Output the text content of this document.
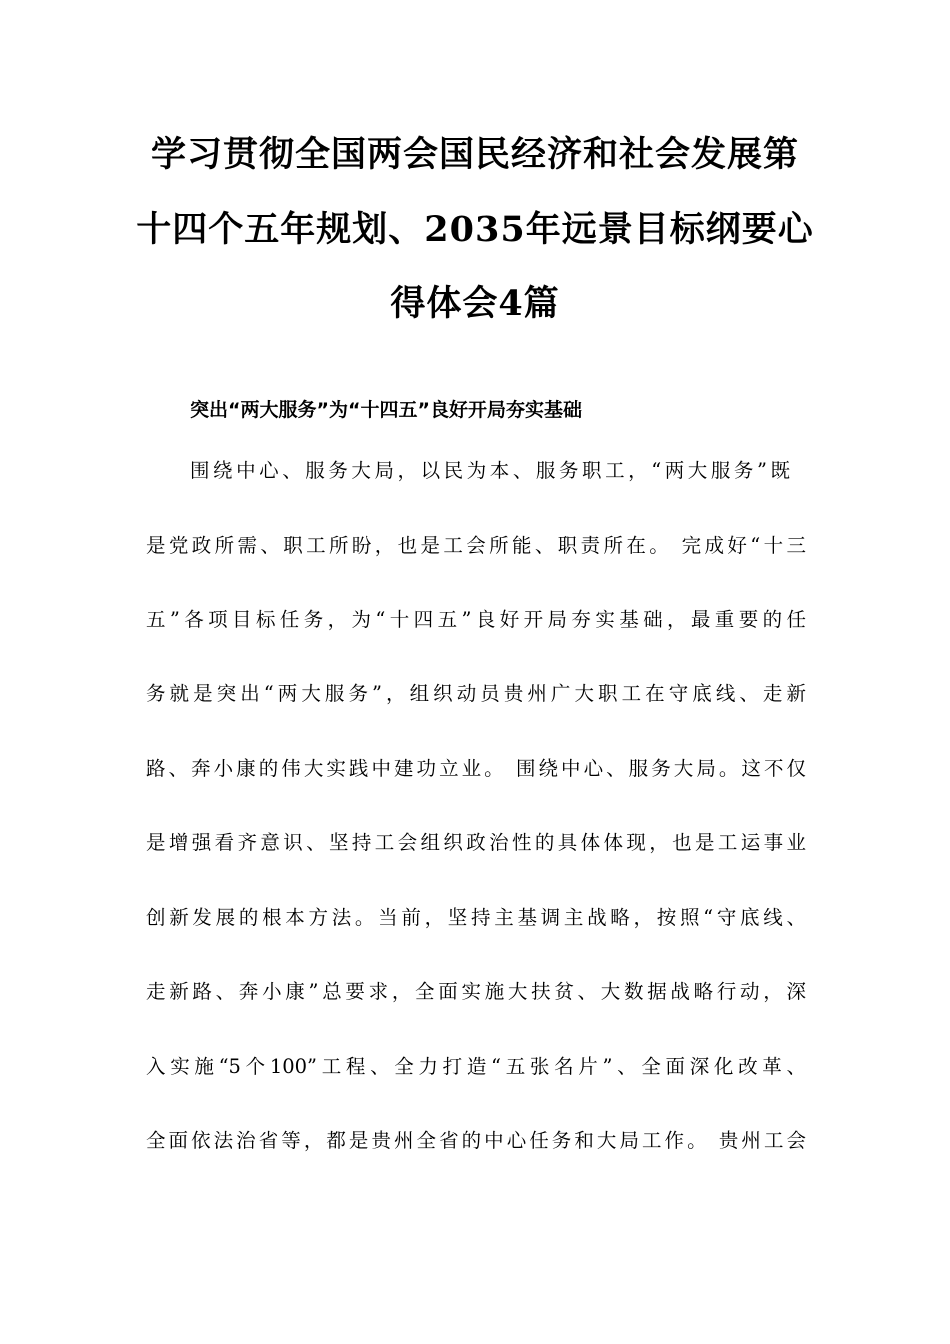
学习贯彻全国两会国民经济和社会发展第
十四个五年规划、2035年远景目标纲要心
得体会4篇
突出“两大服务”为“十四五”良好开局夯实基础
围绕中心、服务大局，以民为本、服务职工，“两大服务”既
是党政所需、职工所盼，也是工会所能、职责所在。 完成好“十三
五”各项目标任务，为“十四五”良好开局夯实基础，最重要的任
务就是突出“两大服务”，组织动员贵州广大职工在守底线、走新
路、奔小康的伟大实践中建功立业。 围绕中心、服务大局。这不仅
是增强看齐意识、坚持工会组织政治性的具体体现，也是工运事业
创新发展的根本方法。当前，坚持主基调主战略，按照“守底线、
走新路、奔小康”总要求，全面实施大扶贫、大数据战略行动，深
入实施“5个100”工程、全力打造“五张名片”、全面深化改革、
全面依法治省等，都是贵州全省的中心任务和大局工作。 贵州工会
